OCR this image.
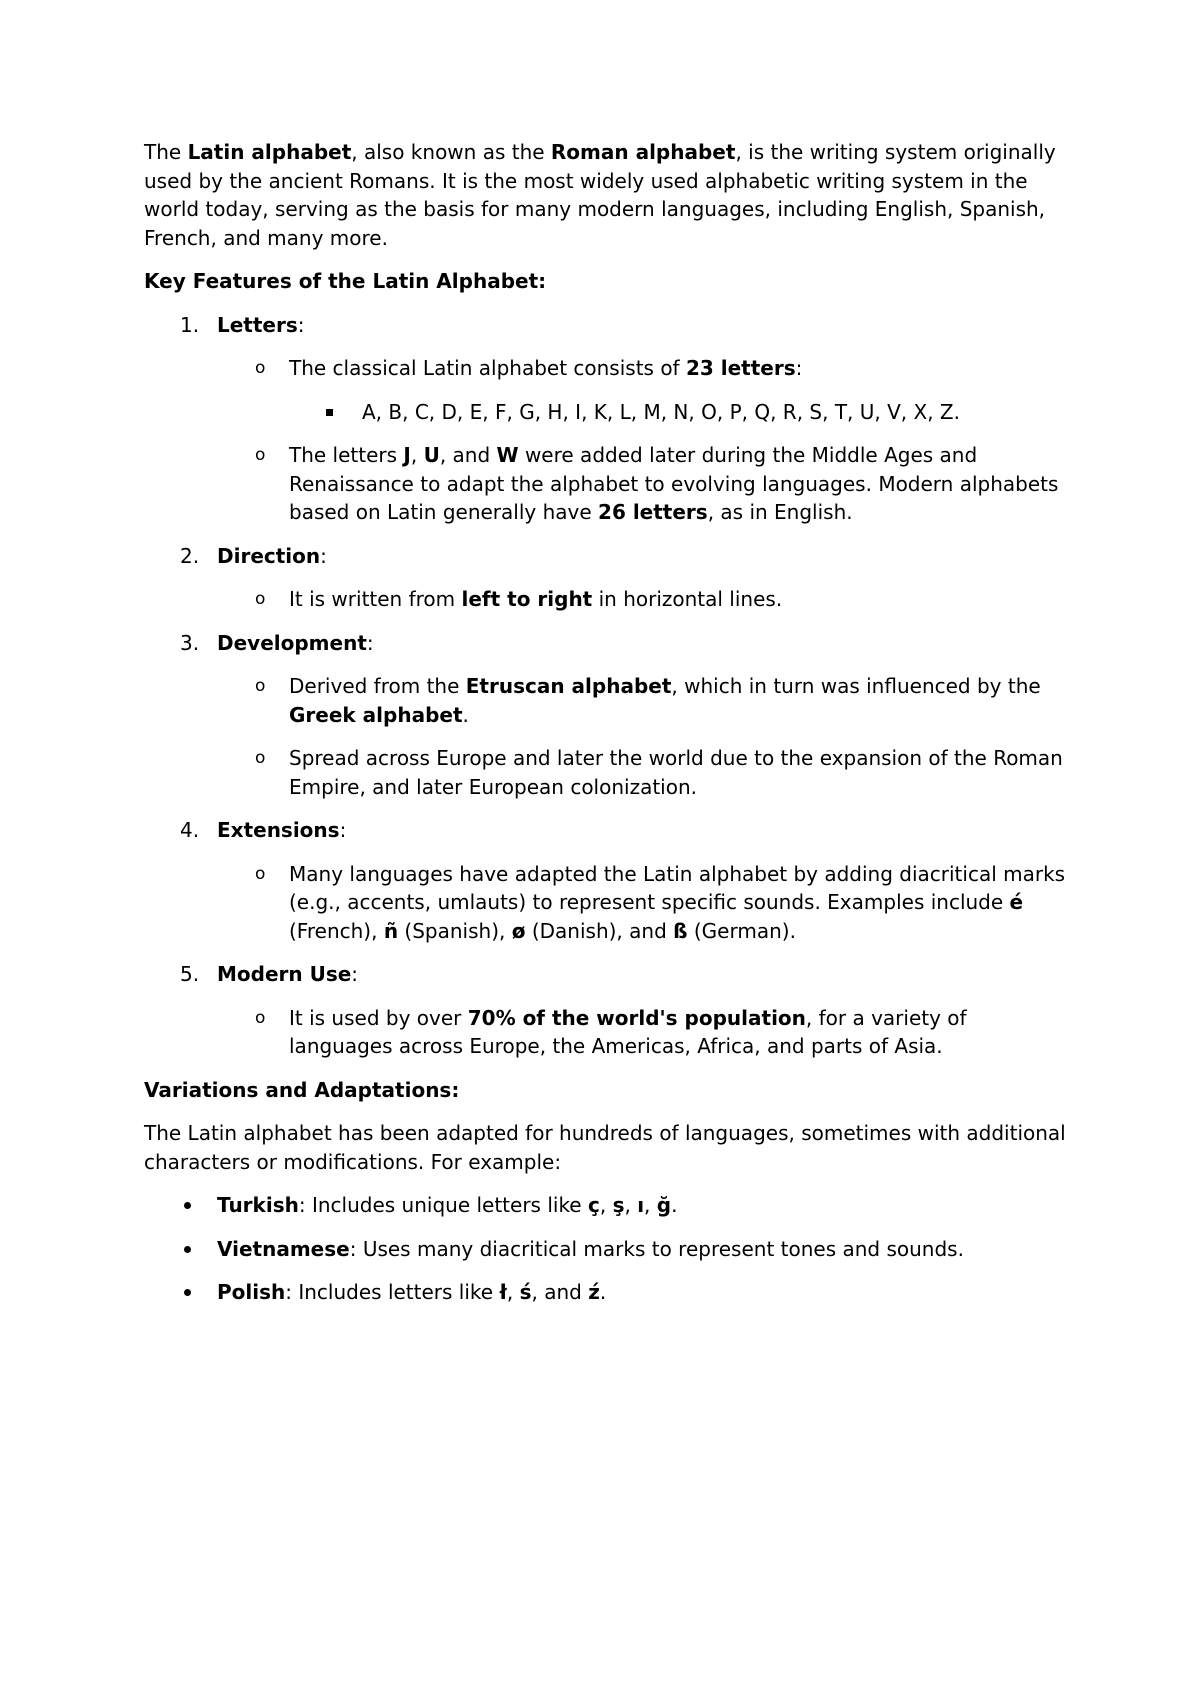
The Latin alphabet, also known as the Roman alphabet, is the writing system originally used by the ancient Romans. It is the most widely used alphabetic writing system in the world today, serving as the basis for many modern languages, including English, Spanish, French, and many more.

Key Features of the Latin Alphabet:

1. Letters:

o The classical Latin alphabet consists of 23 letters:

A, B, C, D, E, F, G, H, I, K, L, M, N, O, P, Q, R, S, T, U, V, X, Z.

o The letters J, U, and W were added later during the Middle Ages and Renaissance to adapt the alphabet to evolving languages. Modern alphabets based on Latin generally have 26 letters, as in English.

2. Direction:

o It is written from left to right in horizontal lines.

3. Development:

o Derived from the Etruscan alphabet, which in turn was influenced by the Greek alphabet.

o Spread across Europe and later the world due to the expansion of the Roman Empire, and later European colonization.

4. Extensions:

o Many languages have adapted the Latin alphabet by adding diacritical marks (e.g., accents, umlauts) to represent specific sounds. Examples include é (French), ñ (Spanish), ø (Danish), and ß (German).

5. Modern Use:

o It is used by over 70% of the world's population, for a variety of languages across Europe, the Americas, Africa, and parts of Asia.

Variations and Adaptations:

The Latin alphabet has been adapted for hundreds of languages, sometimes with additional characters or modifications. For example:

Turkish: Includes unique letters like ç, ş, ı, ğ.

Vietnamese: Uses many diacritical marks to represent tones and sounds.

Polish: Includes letters like ł, ś, and ź.
